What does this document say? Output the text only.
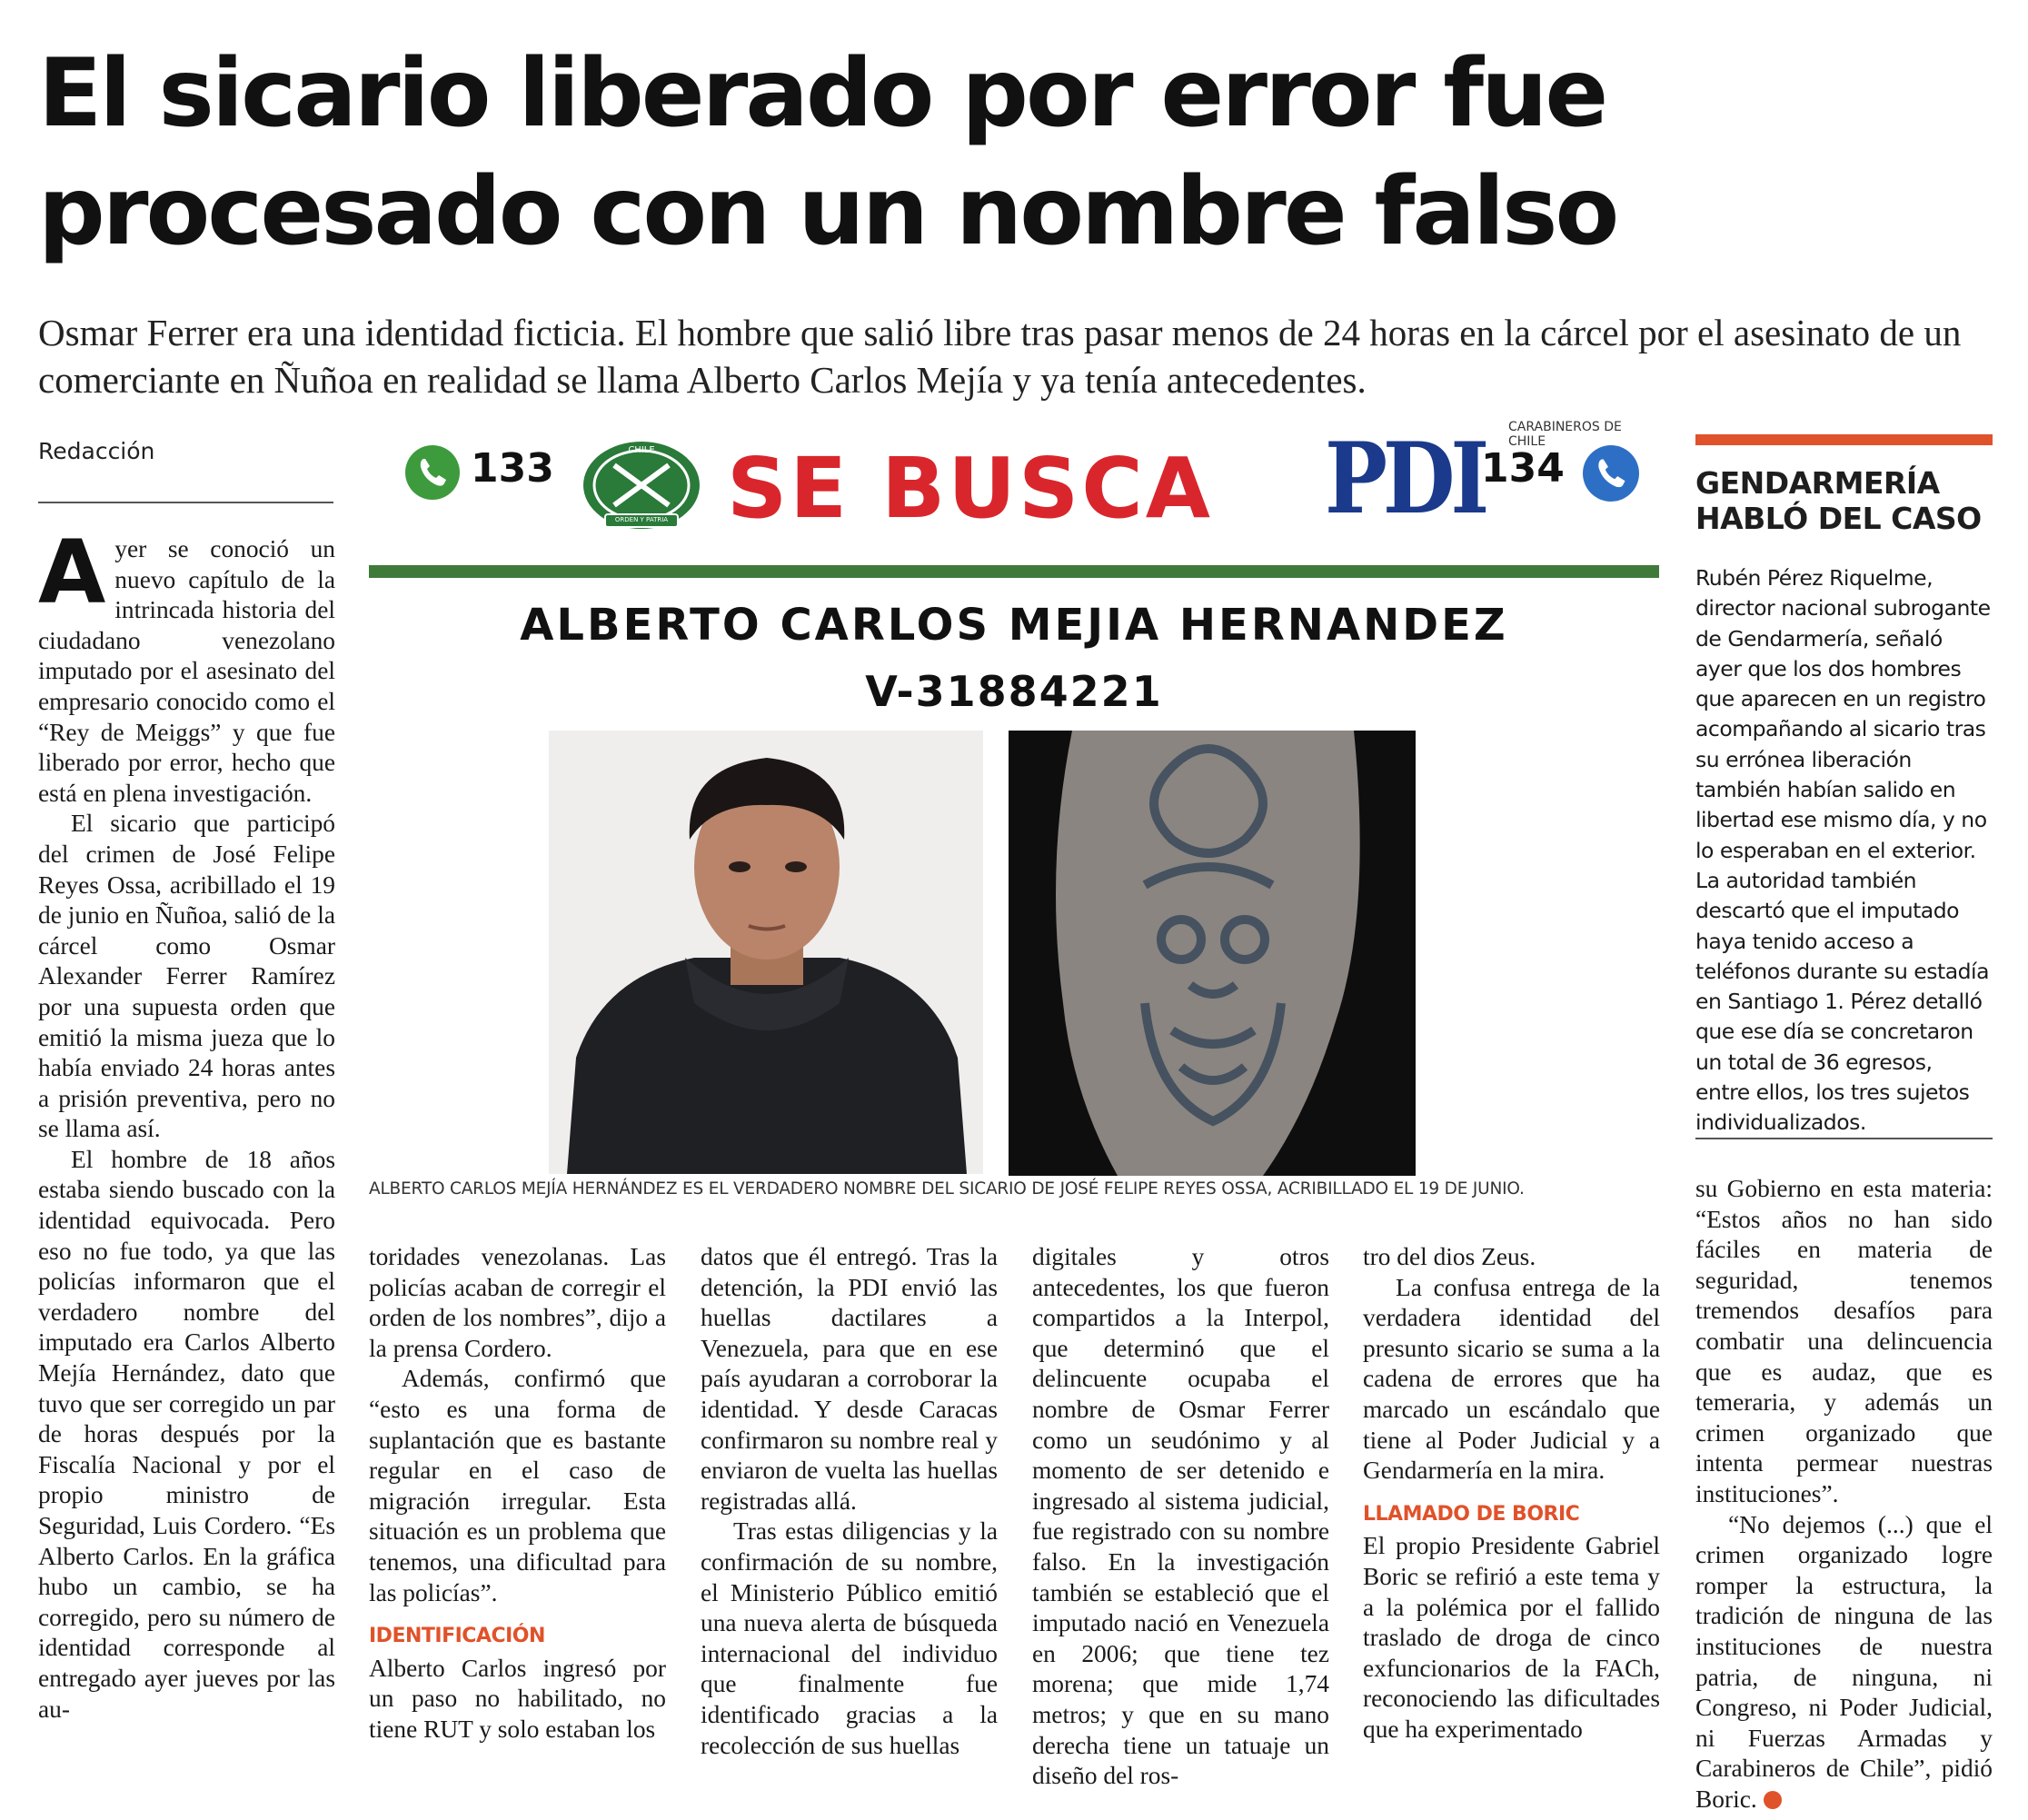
El sicario liberado por error fue
procesado con un nombre falso

Osmar Ferrer era una identidad ficticia. El hombre que salió libre tras pasar menos de 24 horas en la cárcel por el asesinato de un comerciante en Ñuñoa en realidad se llama Alberto Carlos Mejía y ya tenía antecedentes.

Redacción

Ayer se conoció un nuevo capítulo de la intrincada historia del ciudadano venezolano imputado por el asesinato del empresario conocido como el “Rey de Meiggs” y que fue liberado por error, hecho que está en plena investigación.

El sicario que participó del crimen de José Felipe Reyes Ossa, acribillado el 19 de junio en Ñuñoa, salió de la cárcel como Osmar Alexander Ferrer Ramírez por una supuesta orden que emitió la misma jueza que lo había enviado 24 horas antes a prisión preventiva, pero no se llama así.

El hombre de 18 años estaba siendo buscado con la identidad equivocada. Pero eso no fue todo, ya que las policías informaron que el verdadero nombre del imputado era Carlos Alberto Mejía Hernández, dato que tuvo que ser corregido un par de horas después por la Fiscalía Nacional y por el propio ministro de Seguridad, Luis Cordero. “Es Alberto Carlos. En la gráfica hubo un cambio, se ha corregido, pero su número de identidad corresponde al entregado ayer jueves por las au-

133	CHILE
ORDEN Y PATRIA SE BUSCA
CARABINEROS DE CHILE
PDI
134
ALBERTO CARLOS MEJIA HERNANDEZ
V-31884221
ALBERTO CARLOS MEJÍA HERNÁNDEZ ES EL VERDADERO NOMBRE DEL SICARIO DE JOSÉ FELIPE REYES OSSA, ACRIBILLADO EL 19 DE JUNIO.

toridades venezolanas. Las policías acaban de corregir el orden de los nombres”, dijo a la prensa Cordero.

Además, confirmó que “esto es una forma de suplantación que es bastante regular en el caso de migración irregular. Esta situación es un problema que tenemos, una dificultad para las policías”.

IDENTIFICACIÓN

Alberto Carlos ingresó por un paso no habilitado, no tiene RUT y solo estaban los

datos que él entregó. Tras la detención, la PDI envió las huellas dactilares a Venezuela, para que en ese país ayudaran a corroborar la identidad. Y desde Caracas confirmaron su nombre real y enviaron de vuelta las huellas registradas allá.

Tras estas diligencias y la confirmación de su nombre, el Ministerio Público emitió una nueva alerta de búsqueda internacional del individuo que finalmente fue identificado gracias a la recolección de sus huellas

digitales y otros antecedentes, los que fueron compartidos a la Interpol, que determinó que el delincuente ocupaba el nombre de Osmar Ferrer como un seudónimo y al momento de ser detenido e ingresado al sistema judicial, fue registrado con su nombre falso. En la investigación también se estableció que el imputado nació en Venezuela en 2006; que tiene tez morena; que mide 1,74 metros; y que en su mano derecha tiene un tatuaje un diseño del ros-

tro del dios Zeus.

La confusa entrega de la verdadera identidad del presunto sicario se suma a la cadena de errores que ha marcado un escándalo que tiene al Poder Judicial y a Gendarmería en la mira.

LLAMADO DE BORIC

El propio Presidente Gabriel Boric se refirió a este tema y a la polémica por el fallido traslado de droga de cinco exfuncionarios de la FACh, reconociendo las dificultades que ha experimentado

GENDARMERÍA
HABLÓ DEL CASO

Rubén Pérez Riquelme, director nacional subrogante de Gendarmería, señaló ayer que los dos hombres que aparecen en un registro acompañando al sicario tras su errónea liberación también habían salido en libertad ese mismo día, y no lo esperaban en el exterior. La autoridad también descartó que el imputado haya tenido acceso a teléfonos durante su estadía en Santiago 1. Pérez detalló que ese día se concretaron un total de 36 egresos, entre ellos, los tres sujetos individualizados.

su Gobierno en esta materia: “Estos años no han sido fáciles en materia de seguridad, tenemos tremendos desafíos para combatir una delincuencia que es audaz, que es temeraria, y además un crimen organizado que intenta permear nuestras instituciones”.

“No dejemos (...) que el crimen organizado logre romper la estructura, la tradición de ninguna de las instituciones de nuestra patria, de ninguna, ni Congreso, ni Poder Judicial, ni Fuerzas Armadas y Carabineros de Chile”, pidió Boric.	✪
